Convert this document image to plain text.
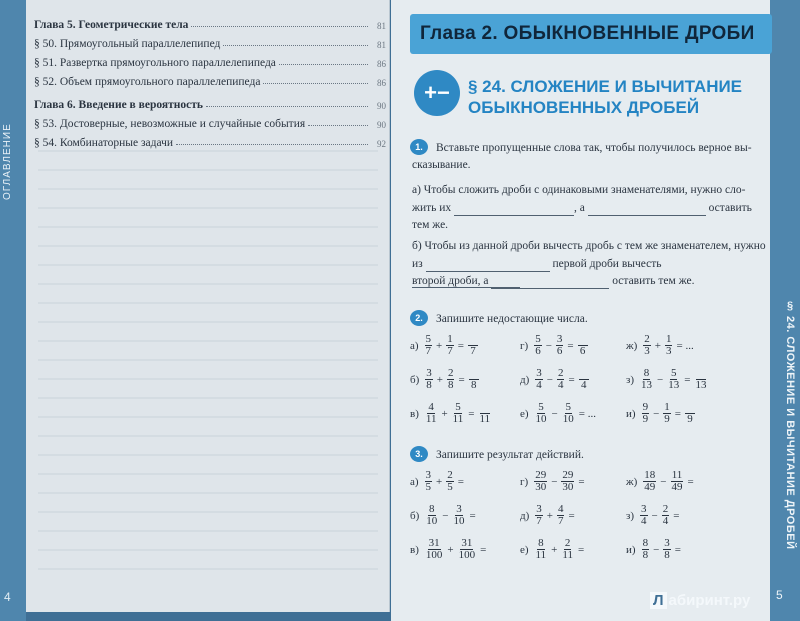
ОГЛАВЛЕНИЕ
4
Глава 5. Геометрические тела	81
§ 50. Прямоугольный параллелепипед	81
§ 51. Развертка прямоугольного параллелепипеда	86
§ 52. Объем прямоугольного параллелепипеда	86
Глава 6. Введение в вероятность	90
§ 53. Достоверные, невозможные и случайные события	90
§ 54. Комбинаторные задачи	92
§ 24. СЛОЖЕНИЕ И ВЫЧИТАНИЕ ДРОБЕЙ
5
Глава 2. ОБЫКНОВЕННЫЕ ДРОБИ
+−	§ 24. СЛОЖЕНИЕ И ВЫЧИТАНИЕ
ОБЫКНОВЕННЫХ ДРОБЕЙ
1.	Вставьте пропущенные слова так, чтобы получилось верное вы-
сказывание.
а) Чтобы сложить дроби с одинаковыми знаменателями, нужно сло-
жить их	, а	оставить
тем же.
б) Чтобы из данной дроби вычесть дробь с тем же знаменателем, нужно
из	первой дроби вычесть
второй дроби, а	оставить тем же.
2.	Запишите недостающие числа.
$а) \frac{5}{7} + \frac{1}{7} = 7$	$г) \frac{5}{6} - \frac{3}{6} = 6$	$ж) \frac{2}{3} + \frac{1}{3}$ = ...
$б) \frac{3}{8} + \frac{2}{8} = 8$	$д) \frac{3}{4} - \frac{2}{4} = 4$	$з) \frac{8}{13} - \frac{5}{13} = 13$
$в) \frac{4}{11} + \frac{5}{11} = 11$	$е) \frac{5}{10} - \frac{5}{10}$ = ...	$и) \frac{9}{9} - \frac{1}{9} = 9$
3.	Запишите результат действий.
$а) \frac{3}{5} + \frac{2}{5}$ =	$г) \frac{29}{30} - \frac{29}{30}$ =	$ж) \frac{18}{49} - \frac{11}{49}$ =
$б) \frac{8}{10} - \frac{3}{10}$ =	$д) \frac{3}{7} + \frac{4}{7}$ =	$з) \frac{3}{4} - \frac{2}{4}$ =
$в) \frac{31}{100} + \frac{31}{100}$ =	$е) \frac{8}{11} + \frac{2}{11}$ =	$и) \frac{8}{8} - \frac{3}{8}$ =
Л абиринт.ру
